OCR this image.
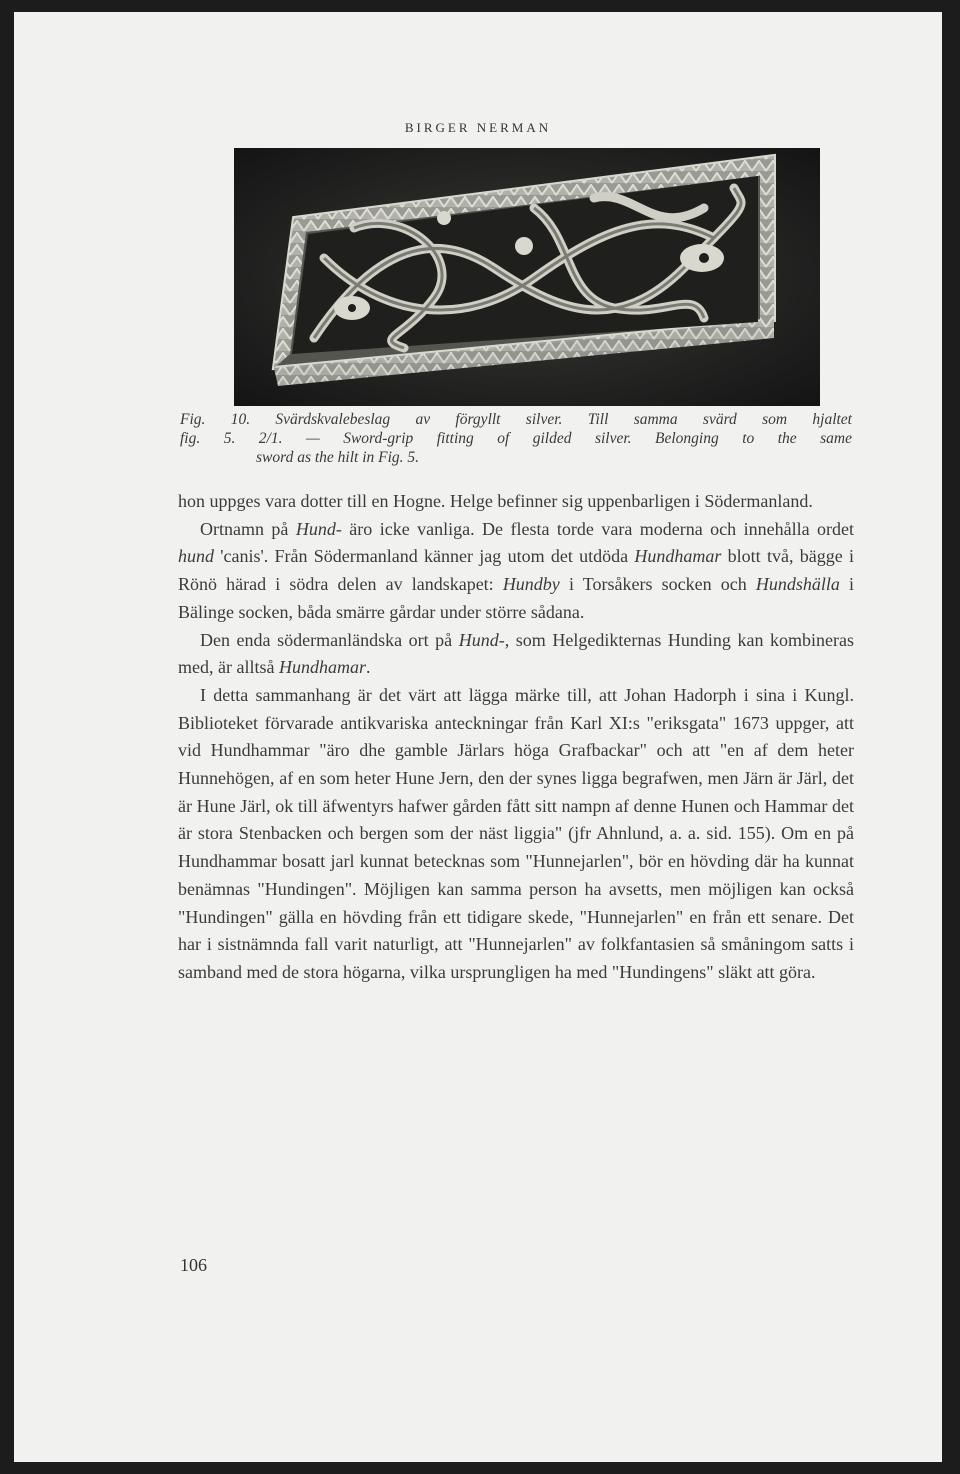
BIRGER NERMAN
Fig. 10. Svärdskvalebeslag av förgyllt silver. Till samma svärd som hjaltet
fig. 5. 2/1. — Sword-grip fitting of gilded silver. Belonging to the same
sword as the hilt in Fig. 5.

hon uppges vara dotter till en Hogne. Helge befinner sig uppenbarligen i Södermanland.

Ortnamn på Hund- äro icke vanliga. De flesta torde vara moderna och innehålla ordet hund 'canis'. Från Södermanland känner jag utom det utdöda Hundhamar blott två, bägge i Rönö härad i södra delen av landskapet: Hundby i Torsåkers socken och Hundshälla i Bälinge socken, båda smärre gårdar under större sådana.

Den enda södermanländska ort på Hund-, som Helgedikternas Hunding kan kombineras med, är alltså Hundhamar.

I detta sammanhang är det värt att lägga märke till, att Johan Hadorph i sina i Kungl. Biblioteket förvarade antikvariska anteckningar från Karl XI:s "eriksgata" 1673 uppger, att vid Hundhammar "äro dhe gamble Järlars höga Grafbackar" och att "en af dem heter Hunnehögen, af en som heter Hune Jern, den der synes ligga begrafwen, men Järn är Järl, det är Hune Järl, ok till äfwentyrs hafwer gården fått sitt nampn af denne Hunen och Hammar det är stora Stenbacken och bergen som der näst liggia" (jfr Ahnlund, a. a. sid. 155). Om en på Hundhammar bosatt jarl kunnat betecknas som "Hunnejarlen", bör en hövding där ha kunnat benämnas "Hundingen". Möjligen kan samma person ha avsetts, men möjligen kan också "Hundingen" gälla en hövding från ett tidigare skede, "Hunnejarlen" en från ett senare. Det har i sistnämnda fall varit naturligt, att "Hunnejarlen" av folkfantasien så småningom satts i samband med de stora högarna, vilka ursprungligen ha med "Hundingens" släkt att göra.

106
